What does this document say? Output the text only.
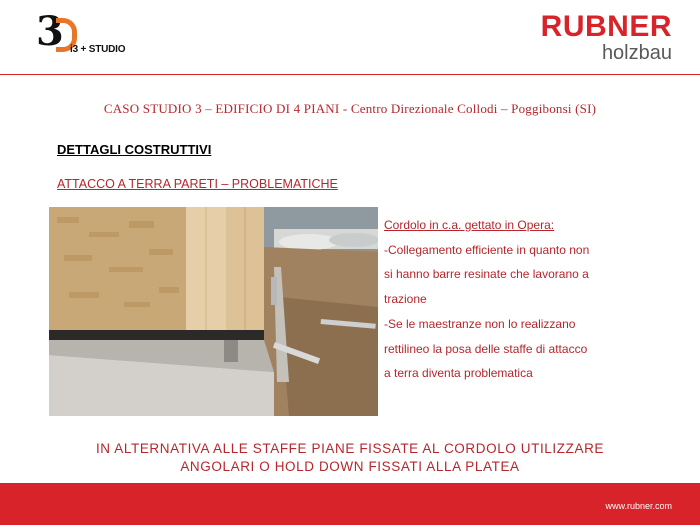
3 i3 + STUDIO
RUBNER
holzbau
CASO STUDIO 3 – EDIFICIO DI 4 PIANI - Centro Direzionale Collodi – Poggibonsi (SI)
DETTAGLI COSTRUTTIVI
ATTACCO A TERRA PARETI – PROBLEMATICHE
Cordolo in c.a. gettato in Opera:
-Collegamento efficiente in quanto non
si hanno barre resinate che lavorano a
trazione
-Se le maestranze non lo realizzano
rettilineo la posa delle staffe di attacco
a terra diventa problematica
IN ALTERNATIVA ALLE STAFFE PIANE FISSATE AL CORDOLO UTILIZZARE
ANGOLARI O HOLD DOWN FISSATI ALLA PLATEA
www.rubner.com
